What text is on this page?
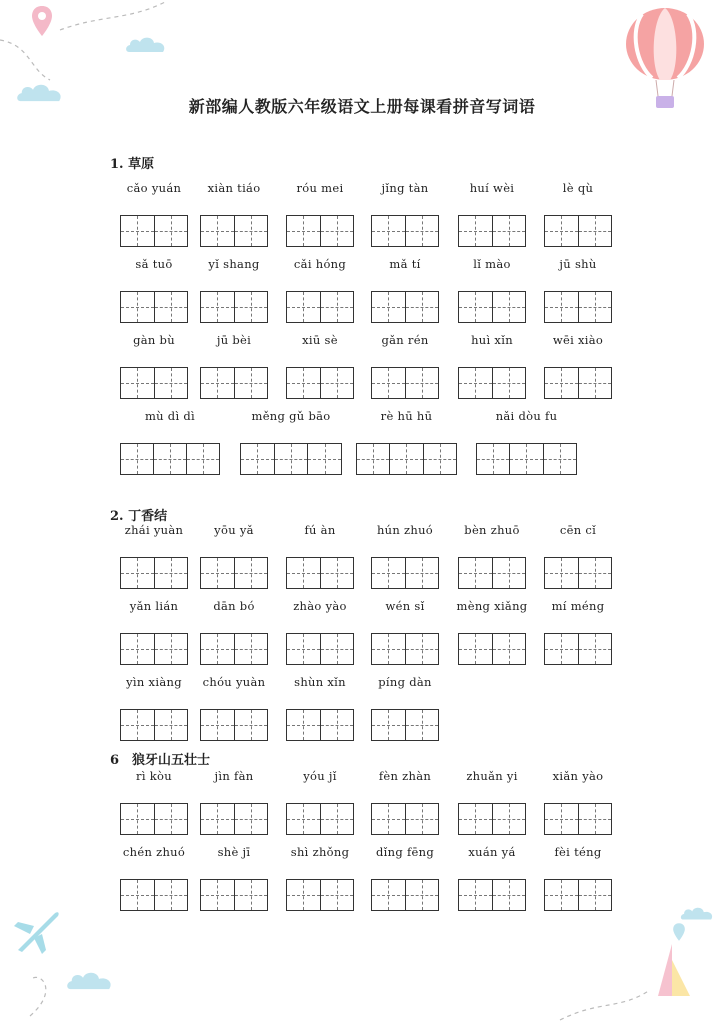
新部编人教版六年级语文上册每课看拼音写词语
1. 草原
cǎo yuán	xiàn tiáo	róu mei	jǐng tàn	huí wèi	lè qù
sǎ tuō	yǐ shang	cǎi hóng	mǎ tí	lǐ mào	jū shù
gàn bù	jū bèi	xiū sè	gǎn rén	huì xǐn	wēi xiào
mù dì dì	měng gǔ bāo	rè hū hū	nǎi dòu fu
2. 丁香结
zhái yuàn	yōu yǎ	fú àn	hún zhuó	bèn zhuō	cēn cǐ
yǎn lián	dān bó	zhào yào	wén sǐ	mèng xiǎng	mí méng
yìn xiàng	chóu yuàn	shùn xǐn	píng dàn
6　狼牙山五壮士
rì kòu	jìn fàn	yóu jǐ	fèn zhàn	zhuǎn yi	xiǎn yào
chén zhuó	shè jī	shì zhǒng	dǐng fēng	xuán yá	fèi téng
